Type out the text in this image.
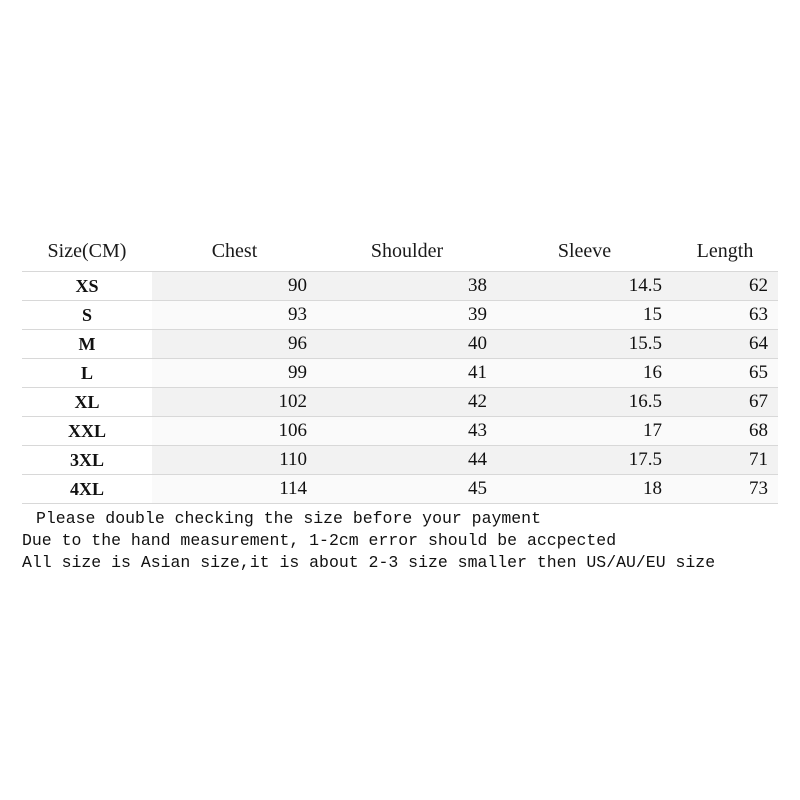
Size(CM)	Chest	Shoulder	Sleeve	Length
XS	90	38	14.5	62
S	93	39	15	63
M	96	40	15.5	64
L	99	41	16	65
XL	102	42	16.5	67
XXL	106	43	17	68
3XL	110	44	17.5	71
4XL	114	45	18	73
Please double checking the size before your payment
Due to the hand measurement, 1-2cm error should be accpected
All size is Asian size,it is about 2-3 size smaller then US/AU/EU size
